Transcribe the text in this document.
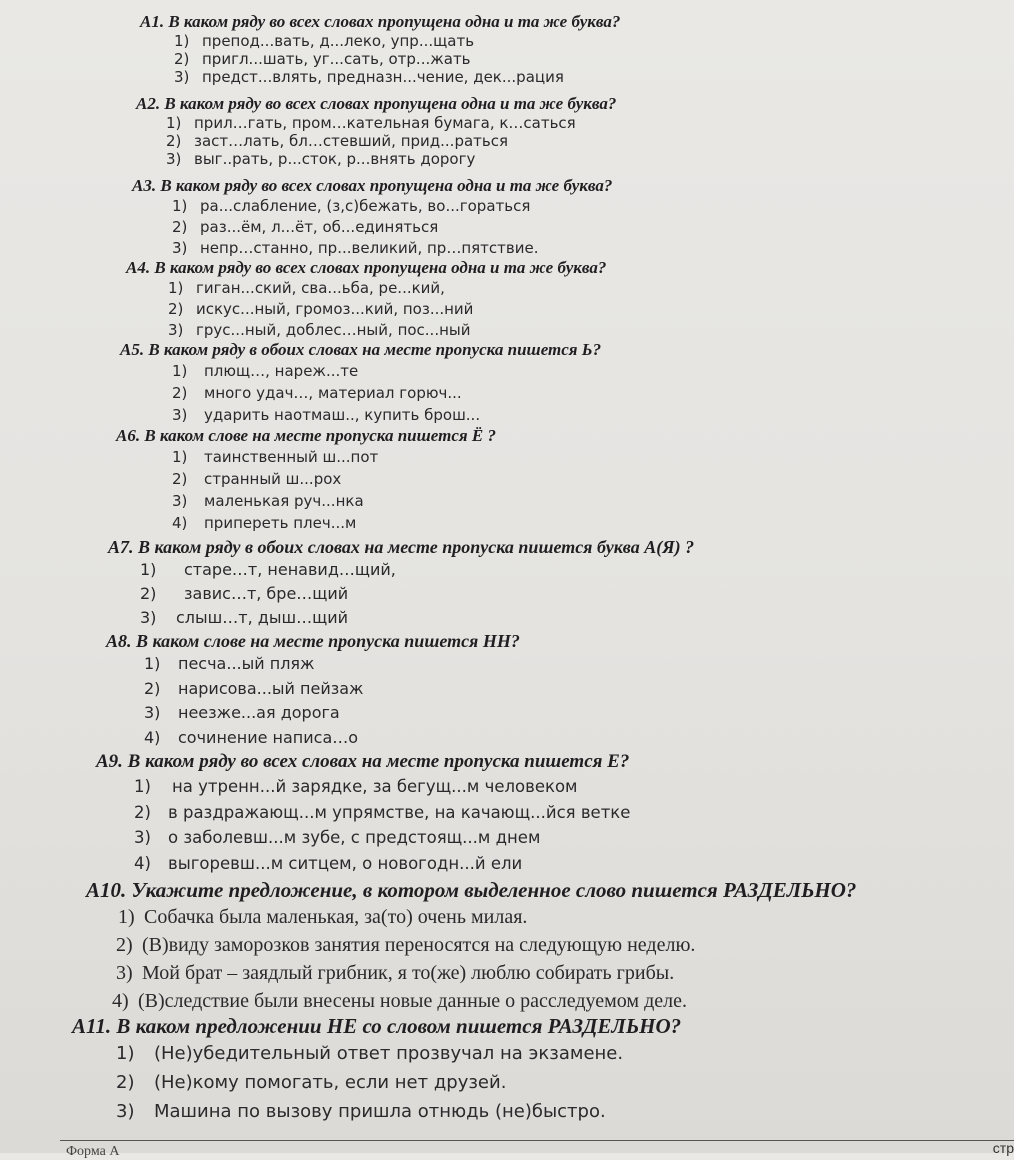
А1. В каком ряду во всех словах пропущена одна и та же буква?
1) препод...вать, д...леко, упр...щать
2) пригл...шать, уг...сать, отр...жать
3) предст...влять, предназн...чение, дек...рация
А2. В каком ряду во всех словах пропущена одна и та же буква?
1) прил…гать, пром…кательная бумага, к…саться
2) заст…лать, бл…стевший, прид...раться
3) выг..рать, р...сток, р...внять дорогу
А3. В каком ряду во всех словах пропущена одна и та же буква?
1) ра...слабление, (з,с)бежать, во...гораться
2) раз...ём, л...ёт, об...единяться
3) непр…станно, пр...великий, пр…пятствие.
А4. В каком ряду во всех словах пропущена одна и та же буква?
1) гиган...ский, сва...ьба, ре...кий,
2) искус...ный, громоз...кий, поз...ний
3) грус...ный, доблес…ный, пос...ный
А5. В каком ряду в обоих словах на месте пропуска пишется Ь?
1) плющ…, нареж...те
2) много удач…, материал горюч...
3) ударить наотмаш.., купить брош...
А6. В каком слове на месте пропуска пишется Ё ?
1) таинственный ш...пот
2) странный ш...рох
3) маленькая руч...нка
4) припереть плеч...м
А7. В каком ряду в обоих словах на месте пропуска пишется буква А(Я) ?
1) старе…т, ненавид…щий,
2) завис…т, бре…щий
3) слыш…т, дыш…щий
А8. В каком слове на месте пропуска пишется НН?
1) песча...ый пляж
2) нарисова...ый пейзаж
3) неезже...ая дорога
4) сочинение написа…о
А9. В каком ряду во всех словах на месте пропуска пишется Е?
1) на утренн...й зарядке, за бегущ...м человеком
2) в раздражающ...м упрямстве, на качающ...йся ветке
3) о заболевш...м зубе, с предстоящ...м днем
4) выгоревш...м ситцем, о новогодн...й ели
А10. Укажите предложение, в котором выделенное слово пишется РАЗДЕЛЬНО?
1) Собачка была маленькая, за(то) очень милая.
2) (В)виду заморозков занятия переносятся на следующую неделю.
3) Мой брат – заядлый грибник, я то(же) люблю собирать грибы.
4) (В)следствие были внесены новые данные о расследуемом деле.
А11. В каком предложении НЕ со словом пишется РАЗДЕЛЬНО?
1) (Не)убедительный ответ прозвучал на экзамене.
2) (Не)кому помогать, если нет друзей.
3) Машина по вызову пришла отнюдь (не)быстро.
Форма А	стр
